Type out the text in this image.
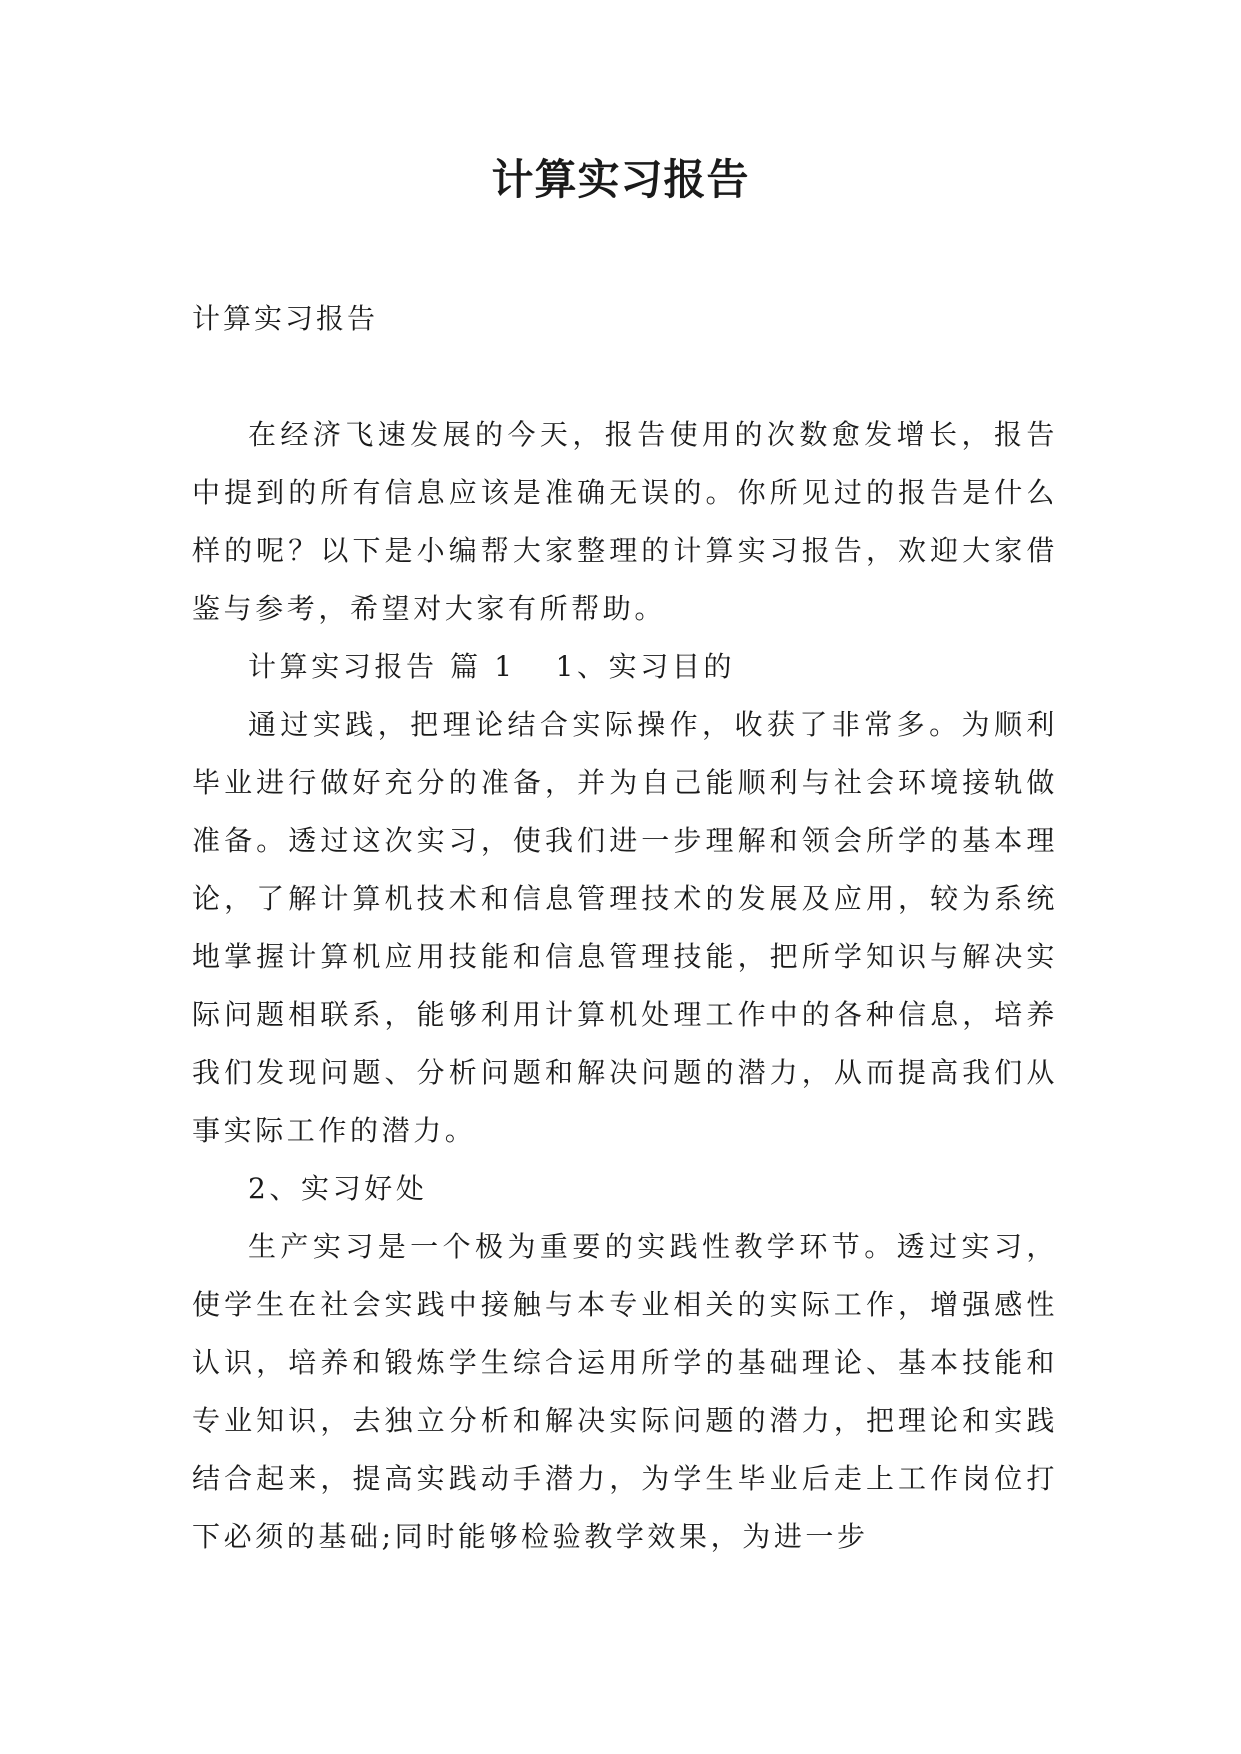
计算实习报告
计算实习报告

在经济飞速发展的今天，报告使用的次数愈发增长，报告中提到的所有信息应该是准确无误的。你所见过的报告是什么样的呢？以下是小编帮大家整理的计算实习报告，欢迎大家借鉴与参考，希望对大家有所帮助。

计算实习报告 篇 1 1、实习目的

通过实践，把理论结合实际操作，收获了非常多。为顺利毕业进行做好充分的准备，并为自己能顺利与社会环境接轨做准备。透过这次实习，使我们进一步理解和领会所学的基本理论，了解计算机技术和信息管理技术的发展及应用，较为系统地掌握计算机应用技能和信息管理技能，把所学知识与解决实际问题相联系，能够利用计算机处理工作中的各种信息，培养我们发现问题、分析问题和解决问题的潜力，从而提高我们从事实际工作的潜力。

2、实习好处

生产实习是一个极为重要的实践性教学环节。透过实习，使学生在社会实践中接触与本专业相关的实际工作，增强感性认识，培养和锻炼学生综合运用所学的基础理论、基本技能和专业知识，去独立分析和解决实际问题的潜力，把理论和实践结合起来，提高实践动手潜力，为学生毕业后走上工作岗位打下必须的基础;同时能够检验教学效果，为进一步
